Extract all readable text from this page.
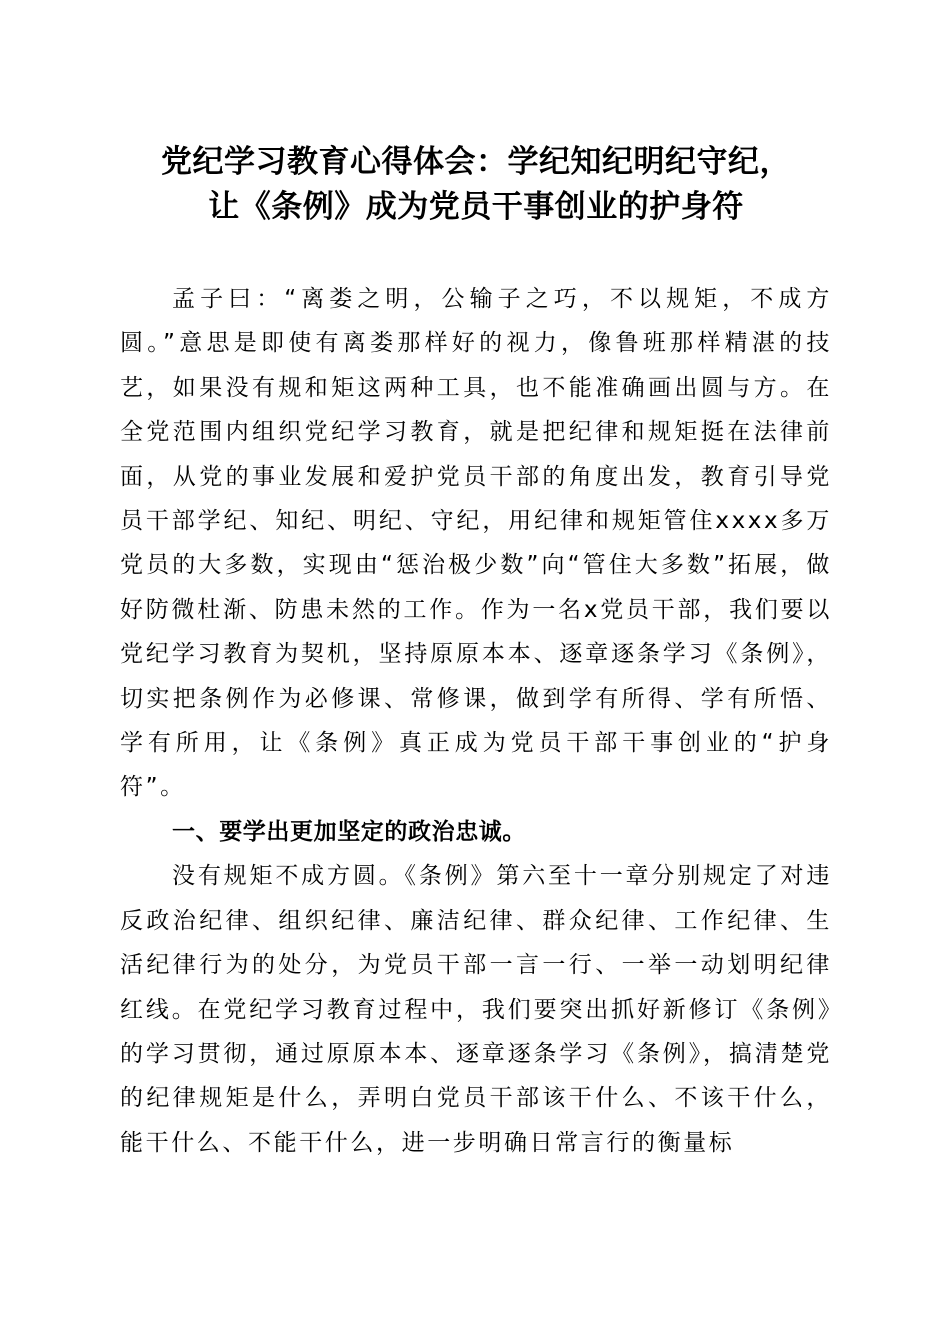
党纪学习教育心得体会：学纪知纪明纪守纪，
让《条例》成为党员干事创业的护身符

孟子曰：“离娄之明，公输子之巧，不以规矩，不成方圆。”意思是即使有离娄那样好的视力，像鲁班那样精湛的技艺，如果没有规和矩这两种工具，也不能准确画出圆与方。在全党范围内组织党纪学习教育，就是把纪律和规矩挺在法律前面，从党的事业发展和爱护党员干部的角度出发，教育引导党员干部学纪、知纪、明纪、守纪，用纪律和规矩管住xxxx多万党员的大多数，实现由“惩治极少数”向“管住大多数”拓展，做好防微杜渐、防患未然的工作。作为一名x党员干部，我们要以党纪学习教育为契机，坚持原原本本、逐章逐条学习《条例》，切实把条例作为必修课、常修课，做到学有所得、学有所悟、学有所用，让《条例》真正成为党员干部干事创业的“护身符”。

一、要学出更加坚定的政治忠诚。

没有规矩不成方圆。《条例》第六至十一章分别规定了对违反政治纪律、组织纪律、廉洁纪律、群众纪律、工作纪律、生活纪律行为的处分，为党员干部一言一行、一举一动划明纪律红线。在党纪学习教育过程中，我们要突出抓好新修订《条例》的学习贯彻，通过原原本本、逐章逐条学习《条例》，搞清楚党的纪律规矩是什么，弄明白党员干部该干什么、不该干什么，能干什么、不能干什么，进一步明确日常言行的衡量标
